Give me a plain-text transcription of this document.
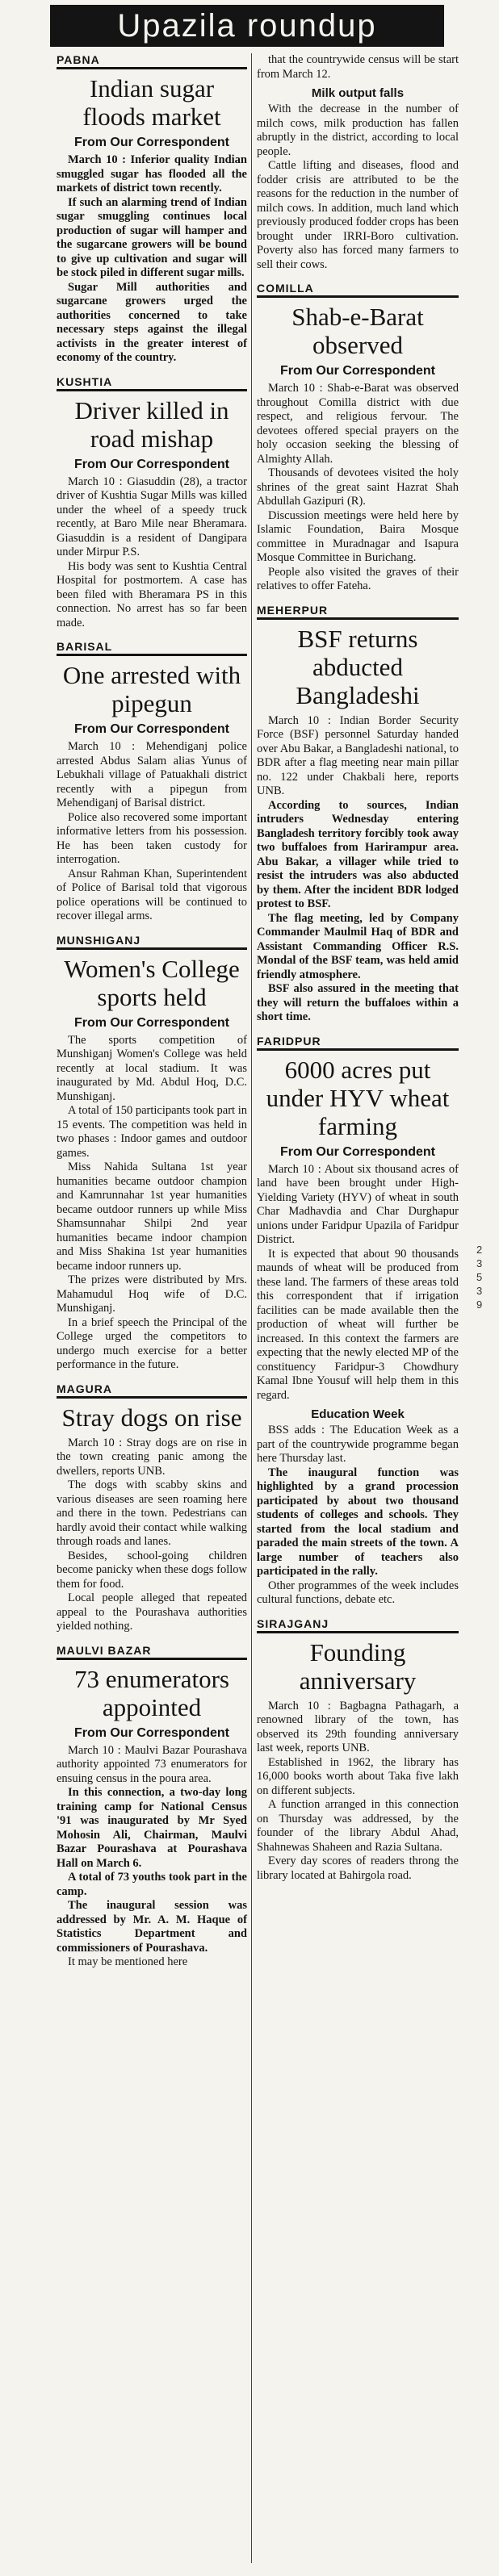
Upazila roundup
PABNA
Indian sugar floods market
From Our Correspondent

March 10 : Inferior quality Indian smuggled sugar has flooded all the markets of district town recently.

If such an alarming trend of Indian sugar smuggling continues local production of sugar will hamper and the sugarcane growers will be bound to give up cultivation and sugar will be stock piled in different sugar mills.

Sugar Mill authorities and sugarcane growers urged the authorities concerned to take necessary steps against the illegal activists in the greater interest of economy of the country.

KUSHTIA
Driver killed in road mishap
From Our Correspondent

March 10 : Giasuddin (28), a tractor driver of Kushtia Sugar Mills was killed under the wheel of a speedy truck recently, at Baro Mile near Bheramara. Giasuddin is a resident of Dangipara under Mirpur P.S.

His body was sent to Kushtia Central Hospital for postmortem. A case has been filed with Bheramara PS in this connection. No arrest has so far been made.

BARISAL
One arrested with pipegun
From Our Correspondent

March 10 : Mehendiganj police arrested Abdus Salam alias Yunus of Lebukhali village of Patuakhali district recently with a pipegun from Mehendiganj of Barisal district.

Police also recovered some important informative letters from his possession. He has been taken custody for interrogation.

Ansur Rahman Khan, Superintendent of Police of Barisal told that vigorous police operations will be continued to recover illegal arms.

MUNSHIGANJ
Women's College sports held
From Our Correspondent

The sports competition of Munshiganj Women's College was held recently at local stadium. It was inaugurated by Md. Abdul Hoq, D.C. Munshiganj.

A total of 150 participants took part in 15 events. The competition was held in two phases : Indoor games and outdoor games.

Miss Nahida Sultana 1st year humanities became outdoor champion and Kamrunnahar 1st year humanities became outdoor runners up while Miss Shamsunnahar Shilpi 2nd year humanities became indoor champion and Miss Shakina 1st year humanities became indoor runners up.

The prizes were distributed by Mrs. Mahamudul Hoq wife of D.C. Munshiganj.

In a brief speech the Principal of the College urged the competitors to undergo much exercise for a better performance in the future.

MAGURA
Stray dogs on rise

March 10 : Stray dogs are on rise in the town creating panic among the dwellers, reports UNB.

The dogs with scabby skins and various diseases are seen roaming here and there in the town. Pedestrians can hardly avoid their contact while walking through roads and lanes.

Besides, school-going children become panicky when these dogs follow them for food.

Local people alleged that repeated appeal to the Pourashava authorities yielded nothing.

MAULVI BAZAR
73 enumerators appointed
From Our Correspondent

March 10 : Maulvi Bazar Pourashava authority appointed 73 enumerators for ensuing census in the poura area.

In this connection, a two-day long training camp for National Census '91 was inaugurated by Mr Syed Mohosin Ali, Chairman, Maulvi Bazar Pourashava at Pourashava Hall on March 6.

A total of 73 youths took part in the camp.

The inaugural session was addressed by Mr. A. M. Haque of Statistics Department and commissioners of Pourashava.

It may be mentioned here

that the countrywide census will be start from March 12.

Milk output falls

With the decrease in the number of milch cows, milk production has fallen abruptly in the district, according to local people.

Cattle lifting and diseases, flood and fodder crisis are attributed to be the reasons for the reduction in the number of milch cows. In addition, much land which previously produced fodder crops has been brought under IRRI-Boro cultivation. Poverty also has forced many farmers to sell their cows.

COMILLA
Shab-e-Barat observed
From Our Correspondent

March 10 : Shab-e-Barat was observed throughout Comilla district with due respect, and religious fervour. The devotees offered special prayers on the holy occasion seeking the blessing of Almighty Allah.

Thousands of devotees visited the holy shrines of the great saint Hazrat Shah Abdullah Gazipuri (R).

Discussion meetings were held here by Islamic Foundation, Baira Mosque committee in Muradnagar and Isapura Mosque Committee in Burichang.

People also visited the graves of their relatives to offer Fateha.

MEHERPUR
BSF returns abducted Bangladeshi

March 10 : Indian Border Security Force (BSF) personnel Saturday handed over Abu Bakar, a Bangladeshi national, to BDR after a flag meeting near main pillar no. 122 under Chakbali here, reports UNB.

According to sources, Indian intruders Wednesday entering Bangladesh territory forcibly took away two buffaloes from Harirampur area. Abu Bakar, a villager while tried to resist the intruders was also abducted by them. After the incident BDR lodged protest to BSF.

The flag meeting, led by Company Commander Maulmil Haq of BDR and Assistant Commanding Officer R.S. Mondal of the BSF team, was held amid friendly atmosphere.

BSF also assured in the meeting that they will return the buffaloes within a short time.

FARIDPUR
6000 acres put under HYV wheat farming
From Our Correspondent

March 10 : About six thousand acres of land have been brought under High-Yielding Variety (HYV) of wheat in south Char Madhavdia and Char Durghapur unions under Faridpur Upazila of Faridpur District.

It is expected that about 90 thousands maunds of wheat will be produced from these land. The farmers of these areas told this correspondent that if irrigation facilities can be made available then the production of wheat will further be increased. In this context the farmers are expecting that the newly elected MP of the constituency Faridpur-3 Chowdhury Kamal Ibne Yousuf will help them in this regard.

Education Week

BSS adds : The Education Week as a part of the countrywide programme began here Thursday last.

The inaugural function was highlighted by a grand procession participated by about two thousand students of colleges and schools. They started from the local stadium and paraded the main streets of the town. A large number of teachers also participated in the rally.

Other programmes of the week includes cultural functions, debate etc.

SIRAJGANJ
Founding anniversary

March 10 : Bagbagna Pathagarh, a renowned library of the town, has observed its 29th founding anniversary last week, reports UNB.

Established in 1962, the library has 16,000 books worth about Taka five lakh on different subjects.

A function arranged in this connection on Thursday was addressed, by the founder of the library Abdul Ahad, Shahnewas Shaheen and Razia Sultana.

Every day scores of readers throng the library located at Bahirgola road.

2
3
5
3
9
